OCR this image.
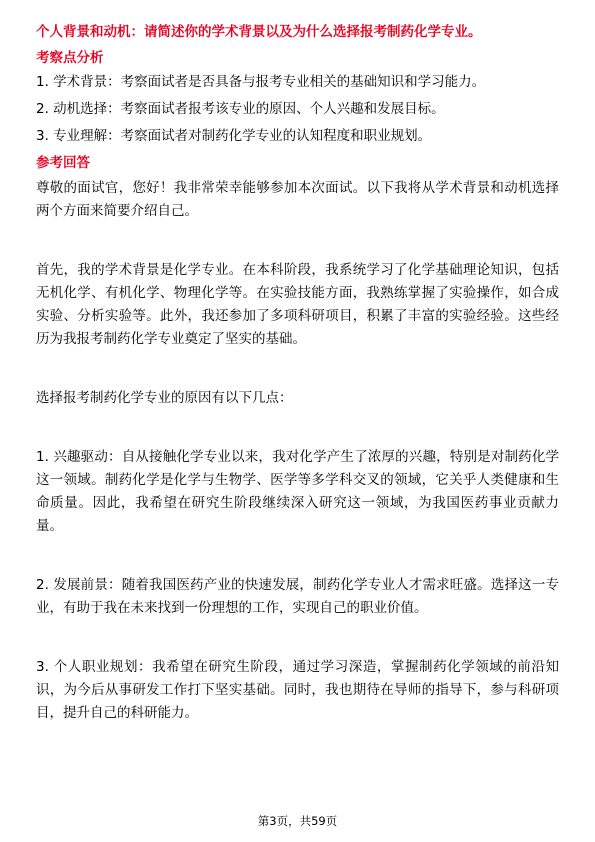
个人背景和动机：请简述你的学术背景以及为什么选择报考制药化学专业。
考察点分析
1. 学术背景：考察面试者是否具备与报考专业相关的基础知识和学习能力。
2. 动机选择：考察面试者报考该专业的原因、个人兴趣和发展目标。
3. 专业理解：考察面试者对制药化学专业的认知程度和职业规划。
参考回答

尊敬的面试官，您好！我非常荣幸能够参加本次面试。以下我将从学术背景和动机选择两个方面来简要介绍自己。

首先，我的学术背景是化学专业。在本科阶段，我系统学习了化学基础理论知识，包括无机化学、有机化学、物理化学等。在实验技能方面，我熟练掌握了实验操作，如合成实验、分析实验等。此外，我还参加了多项科研项目，积累了丰富的实验经验。这些经历为我报考制药化学专业奠定了坚实的基础。

选择报考制药化学专业的原因有以下几点：

1. 兴趣驱动：自从接触化学专业以来，我对化学产生了浓厚的兴趣，特别是对制药化学这一领域。制药化学是化学与生物学、医学等多学科交叉的领域，它关乎人类健康和生命质量。因此，我希望在研究生阶段继续深入研究这一领域，为我国医药事业贡献力量。

2. 发展前景：随着我国医药产业的快速发展，制药化学专业人才需求旺盛。选择这一专业，有助于我在未来找到一份理想的工作，实现自己的职业价值。

3. 个人职业规划：我希望在研究生阶段，通过学习深造，掌握制药化学领域的前沿知识，为今后从事研发工作打下坚实基础。同时，我也期待在导师的指导下，参与科研项目，提升自己的科研能力。

第3页，共59页
